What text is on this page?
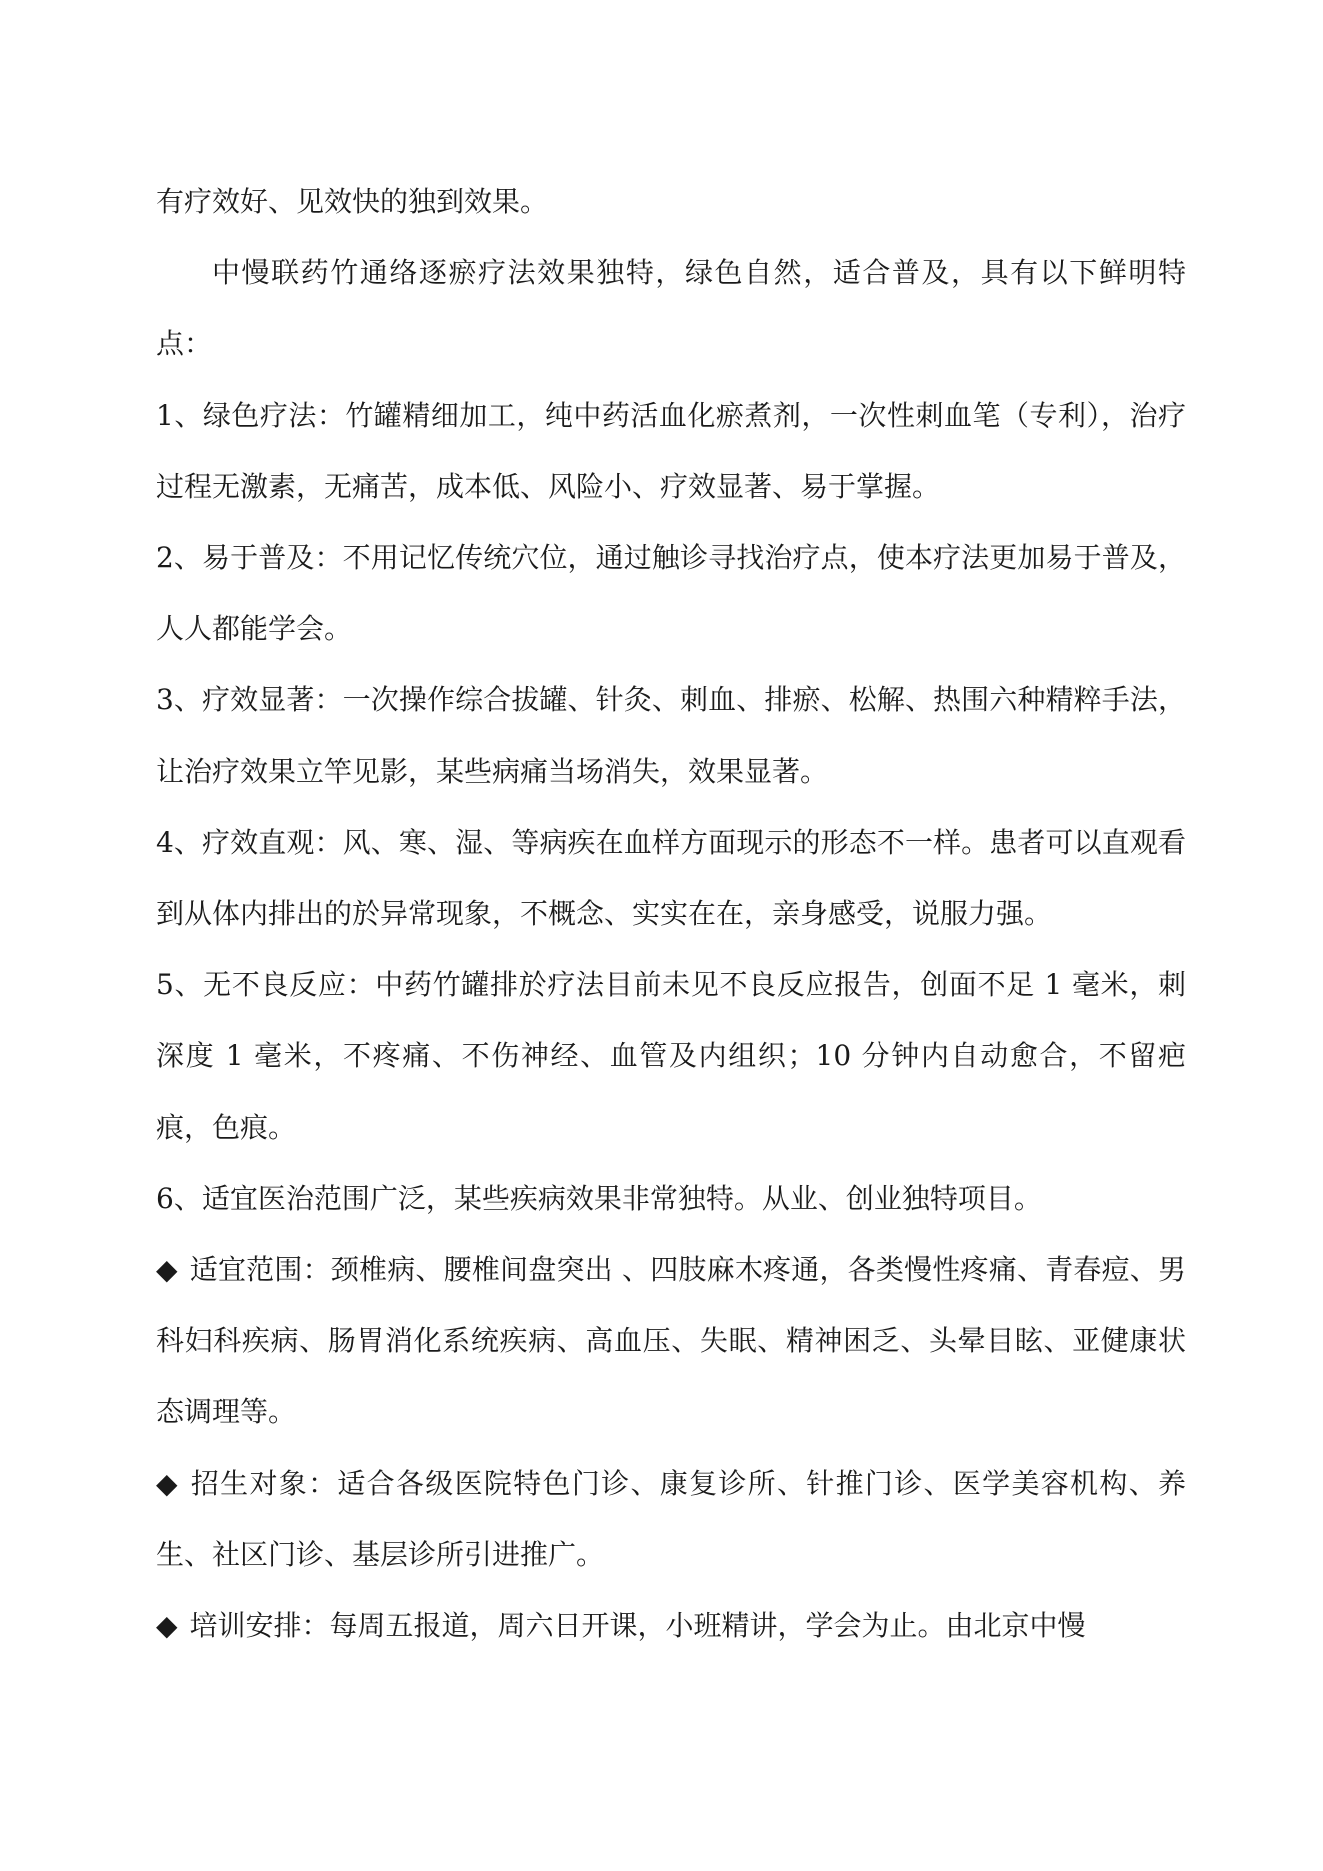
有疗效好、见效快的独到效果。

中慢联药竹通络逐瘀疗法效果独特，绿色自然，适合普及，具有以下鲜明特点：

1、绿色疗法：竹罐精细加工，纯中药活血化瘀煮剂，一次性刺血笔（专利），治疗过程无激素，无痛苦，成本低、风险小、疗效显著、易于掌握。

2、易于普及：不用记忆传统穴位，通过触诊寻找治疗点，使本疗法更加易于普及，人人都能学会。

3、疗效显著：一次操作综合拔罐、针灸、刺血、排瘀、松解、热围六种精粹手法，让治疗效果立竿见影，某些病痛当场消失，效果显著。

4、疗效直观：风、寒、湿、等病疾在血样方面现示的形态不一样。患者可以直观看到从体内排出的於异常现象，不概念、实实在在，亲身感受，说服力强。

5、无不良反应：中药竹罐排於疗法目前未见不良反应报告，创面不足 1 毫米，刺深度 1 毫米，不疼痛、不伤神经、血管及内组织；10 分钟内自动愈合，不留疤痕，色痕。

6、适宜医治范围广泛，某些疾病效果非常独特。从业、创业独特项目。

◆ 适宜范围：颈椎病、腰椎间盘突出 、四肢麻木疼通，各类慢性疼痛、青春痘、男科妇科疾病、肠胃消化系统疾病、高血压、失眠、精神困乏、头晕目眩、亚健康状态调理等。

◆ 招生对象：适合各级医院特色门诊、康复诊所、针推门诊、医学美容机构、养生、社区门诊、基层诊所引进推广。

◆ 培训安排：每周五报道，周六日开课，小班精讲，学会为止。由北京中慢
